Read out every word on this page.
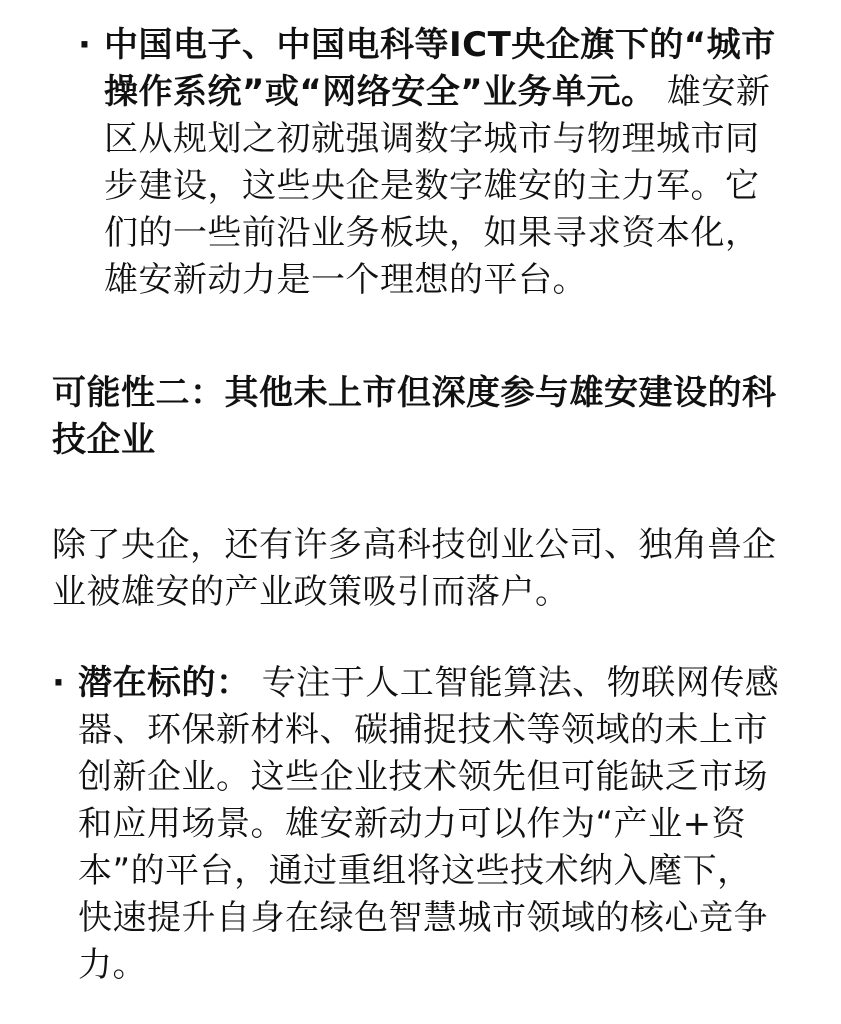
· 中国电子、中国电科等ICT央企旗下的“城市
操作系统”或“网络安全”业务单元。 雄安新
区从规划之初就强调数字城市与物理城市同
步建设，这些央企是数字雄安的主力军。它
们的一些前沿业务板块，如果寻求资本化，
雄安新动力是一个理想的平台。
可能性二：其他未上市但深度参与雄安建设的科
技企业
除了央企，还有许多高科技创业公司、独角兽企
业被雄安的产业政策吸引而落户。
· 潜在标的： 专注于人工智能算法、物联网传感
器、环保新材料、碳捕捉技术等领域的未上市
创新企业。这些企业技术领先但可能缺乏市场
和应用场景。雄安新动力可以作为“产业+资
本”的平台，通过重组将这些技术纳入麾下，
快速提升自身在绿色智慧城市领域的核心竞争
力。
